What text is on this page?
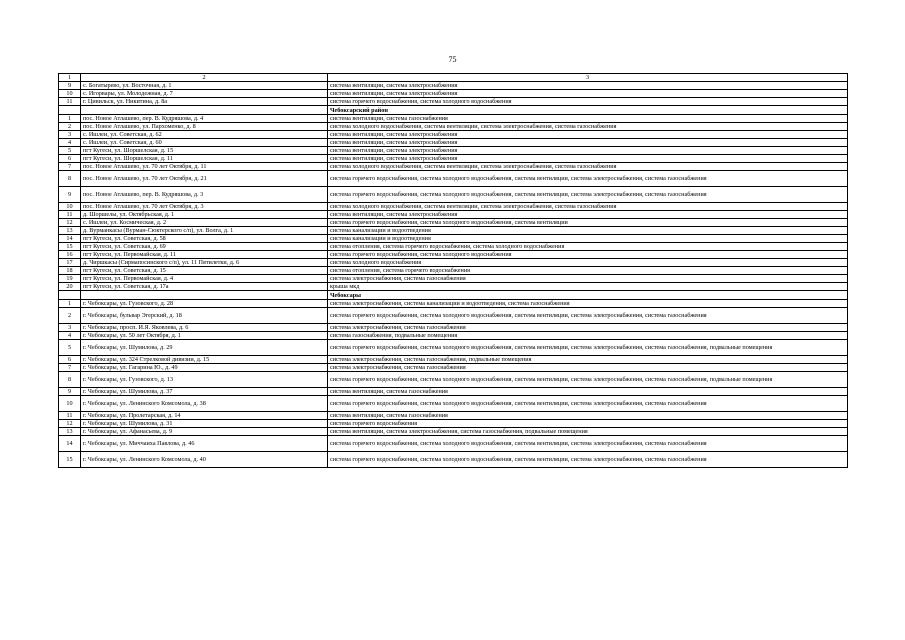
75
1	2	3
9	с. Богатырево, ул. Восточная, д. 1	система вентиляции, система электроснабжения
10	с. Игорвары, ул. Молодежная, д. 7	система вентиляции, система электроснабжения
11	г. Цивильск, ул. Никитина, д. 8а	система горячего водоснабжения, система холодного водоснабжения
		Чебоксарский район
1	пос. Новое Атлашево, пер. В. Кудряшова, д. 4	система вентиляции, система газоснабжения
2	пос. Новое Атлашево, ул. Пархоменко, д. 8	система холодного водоснабжения, система вентиляции, система электроснабжения, система газоснабжения
3	с. Ишлеи, ул. Советская, д. 62	система вентиляции, система электроснабжения
4	с. Ишлеи, ул. Советская, д. 60	система вентиляции, система электроснабжения
5	пгт Кугеси, ул. Шоршелская, д. 15	система вентиляции, система электроснабжения
6	пгт Кугеси, ул. Шоршелская, д. 11	система вентиляции, система электроснабжения
7	пос. Новое Атлашево, ул. 70 лет Октября, д. 11	система холодного водоснабжения, система вентиляции, система электроснабжения, система газоснабжения
8	пос. Новое Атлашево, ул. 70 лет Октября, д. 21	система горячего водоснабжения, система холодного водоснабжения, система вентиляции, система электроснабжения, система газоснабжения
9	пос. Новое Атлашево, пер. В. Кудряшова, д. 3	система горячего водоснабжения, система холодного водоснабжения, система вентиляции, система электроснабжения, система газоснабжения
10	пос. Новое Атлашево, ул. 70 лет Октября, д. 3	система холодного водоснабжения, система вентиляции, система электроснабжения, система газоснабжения
11	д. Шоршелы, ул. Октябрьская, д. 1	система вентиляции, система электроснабжения
12	с. Ишлеи, ул. Космическая, д. 2	система горячего водоснабжения, система холодного водоснабжения, система вентиляции
13	д. Вурманкасы (Вурман-Сюктерского с/п), ул. Волга, д. 1	система канализации и водоотведения
14	пгт Кугеси, ул. Советская, д. 58	система канализации и водоотведения
15	пгт Кугеси, ул. Советская, д. 69	система отопления, система горячего водоснабжения, система холодного водоснабжения
16	пгт Кугеси, ул. Первомайская, д. 11	система горячего водоснабжения, система холодного водоснабжения
17	д. Чиршкасы (Сирмапосинского с/п), ул. 11 Пятилетки, д. 6	система холодного водоснабжения
18	пгт Кугеси, ул. Советская, д. 15	система отопления, система горячего водоснабжения
19	пгт Кугеси, ул. Первомайская, д. 4	система электроснабжения, система газоснабжения
20	пгт Кугеси, ул. Советская, д. 17а	крыша мкд
		Чебоксары
1	г. Чебоксары, ул. Гузовского, д. 28	система электроснабжения, система канализации и водоотведения, система газоснабжения
2	г. Чебоксары, бульвар Эгерский, д. 18	система горячего водоснабжения, система холодного водоснабжения, система вентиляции, система электроснабжения, система газоснабжения
3	г. Чебоксары, просп. И.Я. Яковлева, д. 6	система электроснабжения, система газоснабжения
4	г. Чебоксары, ул. 50 лет Октября, д. 1	система газоснабжения, подвальные помещения
5	г. Чебоксары, ул. Шумилова, д. 29	система горячего водоснабжения, система холодного водоснабжения, система вентиляции, система электроснабжения, система газоснабжения, подвальные помещения
6	г. Чебоксары, ул. 324 Стрелковой дивизии, д. 15	система электроснабжения, система газоснабжения, подвальные помещения
7	г. Чебоксары, ул. Гагарина Ю., д. 49	система электроснабжения, система газоснабжения
8	г. Чебоксары, ул. Гузовского, д. 13	система горячего водоснабжения, система холодного водоснабжения, система вентиляции, система электроснабжения, система газоснабжения, подвальные помещения
9	г. Чебоксары, ул. Шумилова, д. 37	система вентиляции, система газоснабжения
10	г. Чебоксары, ул. Ленинского Комсомола, д. 38	система горячего водоснабжения, система холодного водоснабжения, система вентиляции, система электроснабжения, система газоснабжения
11	г. Чебоксары, ул. Пролетарская, д. 14	система вентиляции, система газоснабжения
12	г. Чебоксары, ул. Шумилова, д. 31	система горячего водоснабжения
13	г. Чебоксары, ул. Афанасьева, д. 9	система вентиляции, система электроснабжения, система газоснабжения, подвальные помещения
14	г. Чебоксары, ул. Миччаиха Павлова, д. 46	система горячего водоснабжения, система холодного водоснабжения, система вентиляции, система электроснабжения, система газоснабжения
15	г. Чебоксары, ул. Ленинского Комсомола, д. 40	система горячего водоснабжения, система холодного водоснабжения, система вентиляции, система электроснабжения, система газоснабжения
